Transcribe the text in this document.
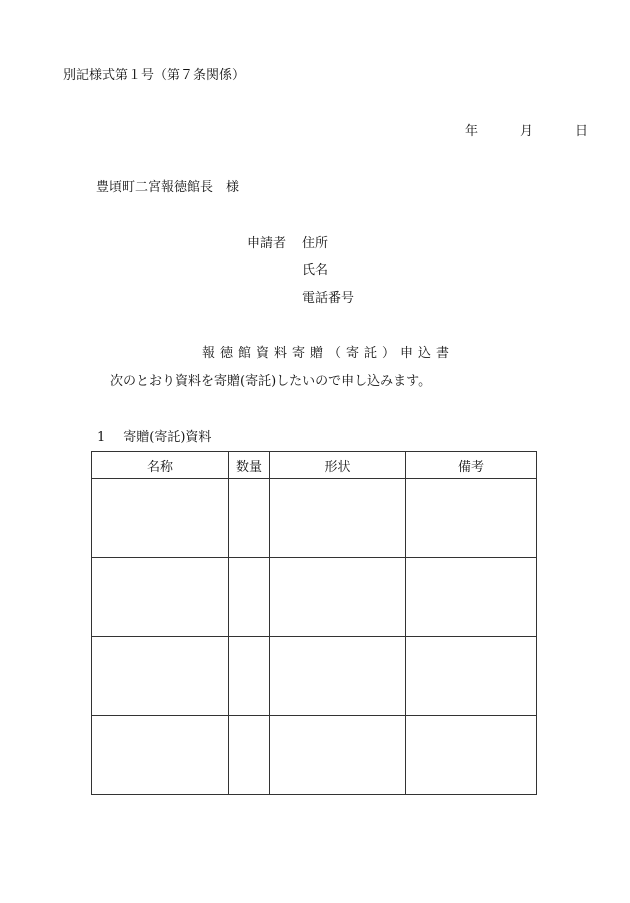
別記様式第１号（第７条関係）
年	月	日
豊頃町二宮報徳館長　様
申請者 住所
氏名
電話番号
報徳館資料寄贈（寄託）申込書
次のとおり資料を寄贈(寄託)したいので申し込みます。
1 寄贈(寄託)資料
名称	数量	形状	備考
